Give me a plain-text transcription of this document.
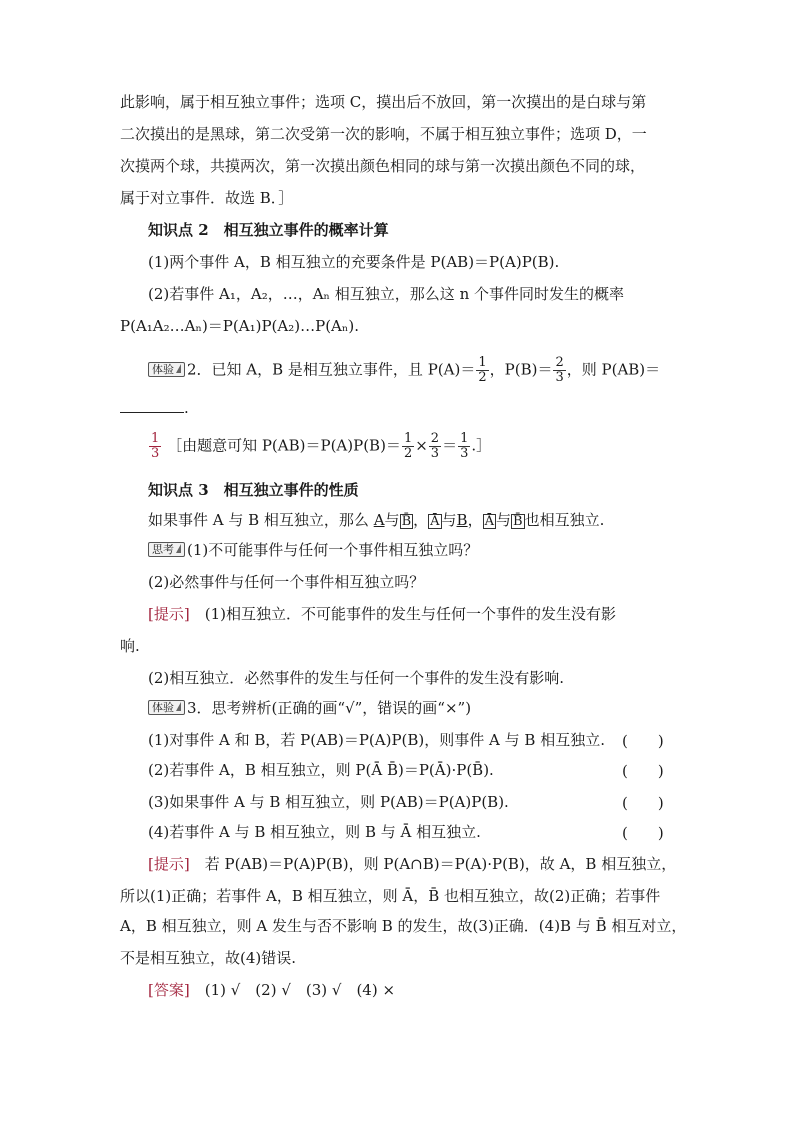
此影响，属于相互独立事件；选项 C，摸出后不放回，第一次摸出的是白球与第
二次摸出的是黑球，第二次受第一次的影响，不属于相互独立事件；选项 D，一
次摸两个球，共摸两次，第一次摸出颜色相同的球与第一次摸出颜色不同的球，
属于对立事件．故选 B．］
知识点 2　相互独立事件的概率计算
(1)两个事件 A，B 相互独立的充要条件是 P(AB)＝P(A)P(B).
(2)若事件 A₁，A₂，…，Aₙ 相互独立，那么这 n 个事件同时发生的概率
P(A₁A₂…Aₙ)＝P(A₁)P(A₂)…P(Aₙ).
体验 2．已知 A，B 是相互独立事件，且 $P(A)= \frac{1}{2}$ ，$P(B)= \frac{2}{3}$ ，则 P(AB)＝
.
$\frac{1}{3}$ ［由题意可知 $P(AB)=P(A)P(B)= \frac{1}{2} \times \frac{2}{3} = \frac{1}{3}$ .］
知识点 3　相互独立事件的性质
如果事件 A 与 B 相互独立，那么 A与 B̄ ， Ā 与B， Ā 与 B̄ 也相互独立.
思考 (1)不可能事件与任何一个事件相互独立吗？
(2)必然事件与任何一个事件相互独立吗？
[提示]　 (1)相互独立．不可能事件的发生与任何一个事件的发生没有影
响.
(2)相互独立．必然事件的发生与任何一个事件的发生没有影响.
体验 3．思考辨析(正确的画“√”，错误的画“×”)
(1)对事件 A 和 B，若 P(AB)＝P(A)P(B)，则事件 A 与 B 相互独立. (　　)
(2)若事件 A，B 相互独立，则 P(Ā B̄)＝P(Ā)·P(B̄).	(　　)
(3)如果事件 A 与 B 相互独立，则 P(AB)＝P(A)P(B).	(　　)
(4)若事件 A 与 B 相互独立，则 B 与 Ā 相互独立.	(　　)
[提示]　 若 P(AB)＝P(A)P(B)，则 P(A∩B)＝P(A)·P(B)，故 A，B 相互独立，
所以(1)正确；若事件 A，B 相互独立，则 Ā，B̄ 也相互独立，故(2)正确；若事件
A，B 相互独立，则 A 发生与否不影响 B 的发生，故(3)正确．(4)B 与 B̄ 相互对立，
不是相互独立，故(4)错误.
[答案]　 (1) √　(2) √　(3) √　(4) ×
